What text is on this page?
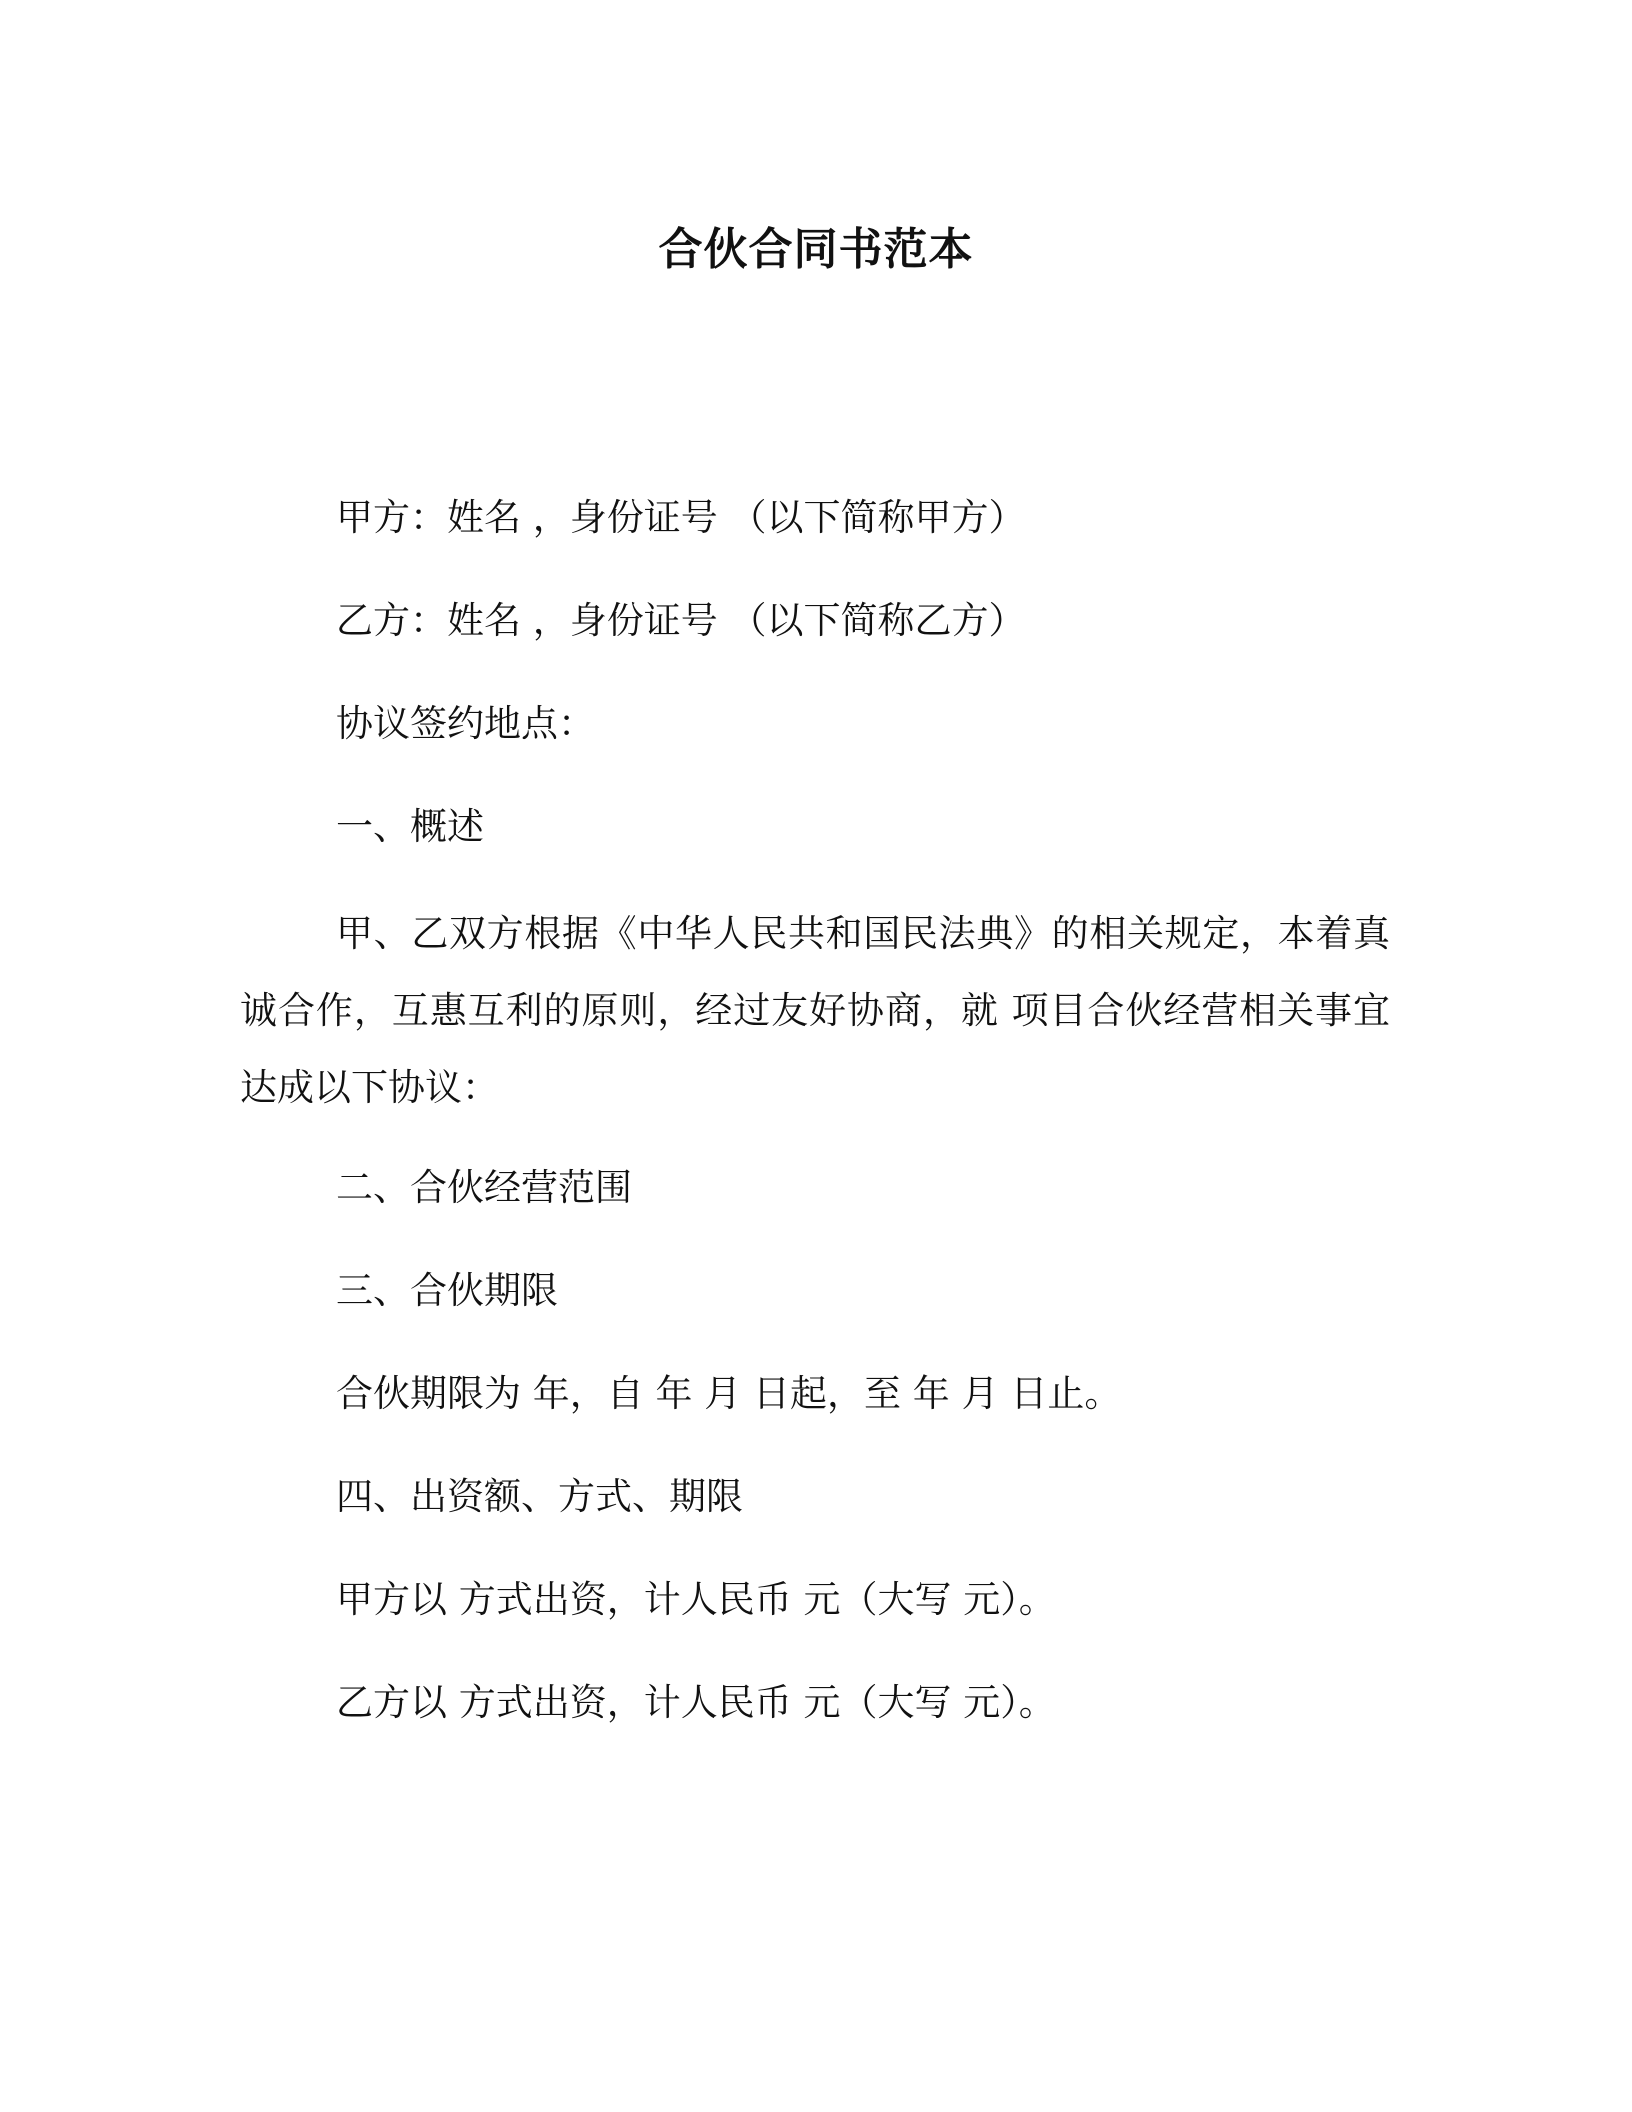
合伙合同书范本
甲方：姓名 ，身份证号 （以下简称甲方）
乙方：姓名 ，身份证号 （以下简称乙方）
协议签约地点：
一、概述
甲、乙双方根据《中华人民共和国民法典》的相关规定，本着真诚合作，互惠互利的原则，经过友好协商，就 项目合伙经营相关事宜达成以下协议：
二、合伙经营范围
三、合伙期限
合伙期限为 年，自 年 月 日起，至 年 月 日止。
四、出资额、方式、期限
甲方以 方式出资，计人民币 元（大写 元）。
乙方以 方式出资，计人民币 元（大写 元）。
